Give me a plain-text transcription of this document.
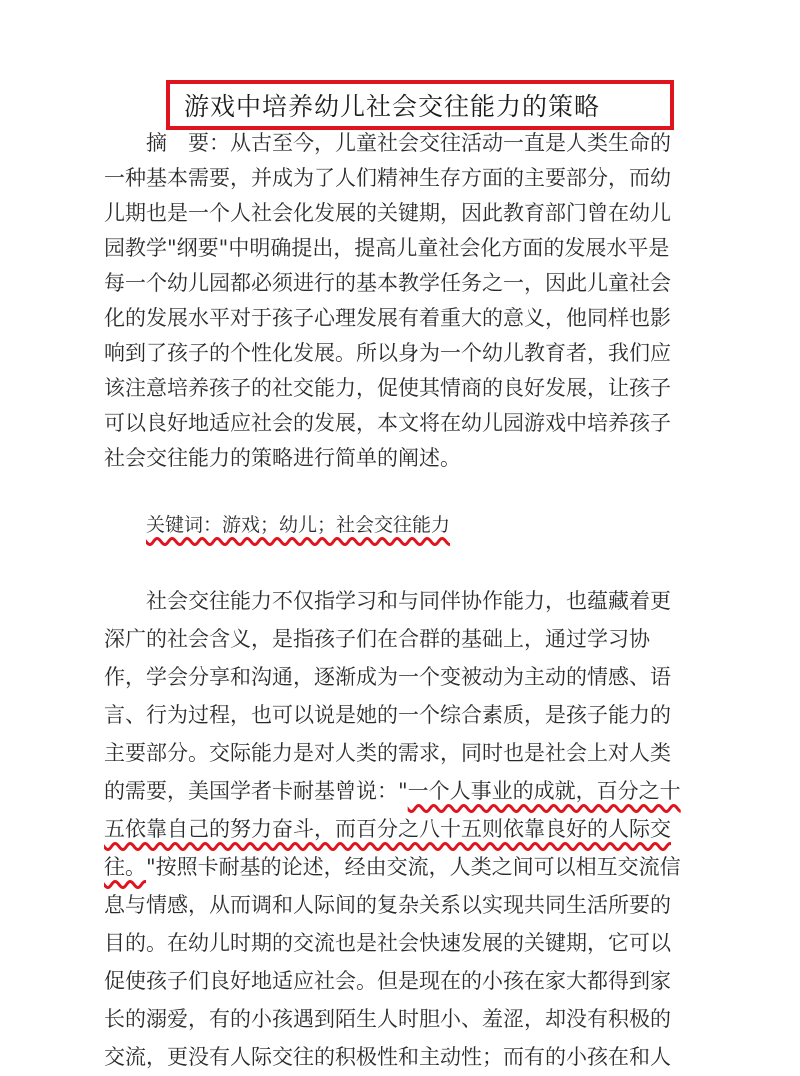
游戏中培养幼儿社会交往能力的策略

摘　要：从古至今，儿童社会交往活动一直是人类生命的一种基本需要，并成为了人们精神生存方面的主要部分，而幼儿期也是一个人社会化发展的关键期，因此教育部门曾在幼儿园教学"纲要"中明确提出，提高儿童社会化方面的发展水平是每一个幼儿园都必须进行的基本教学任务之一，因此儿童社会化的发展水平对于孩子心理发展有着重大的意义，他同样也影响到了孩子的个性化发展。所以身为一个幼儿教育者，我们应该注意培养孩子的社交能力，促使其情商的良好发展，让孩子可以良好地适应社会的发展，本文将在幼儿园游戏中培养孩子社会交往能力的策略进行简单的阐述。

关键词：游戏；幼儿；社会交往能力

社会交往能力不仅指学习和与同伴协作能力，也蕴藏着更深广的社会含义，是指孩子们在合群的基础上，通过学习协作，学会分享和沟通，逐渐成为一个变被动为主动的情感、语言、行为过程，也可以说是她的一个综合素质，是孩子能力的主要部分。交际能力是对人类的需求，同时也是社会上对人类的需要，美国学者卡耐基曾说："一个人事业的成就，百分之十五依靠自己的努力奋斗，而百分之八十五则依靠良好的人际交往。"按照卡耐基的论述，经由交流，人类之间可以相互交流信息与情感，从而调和人际间的复杂关系以实现共同生活所要的目的。在幼儿时期的交流也是社会快速发展的关键期，它可以促使孩子们良好地适应社会。但是现在的小孩在家大都得到家长的溺爱，有的小孩遇到陌生人时胆小、羞涩，却没有积极的交流，更没有人际交往的积极性和主动性；而有的小孩在和人
